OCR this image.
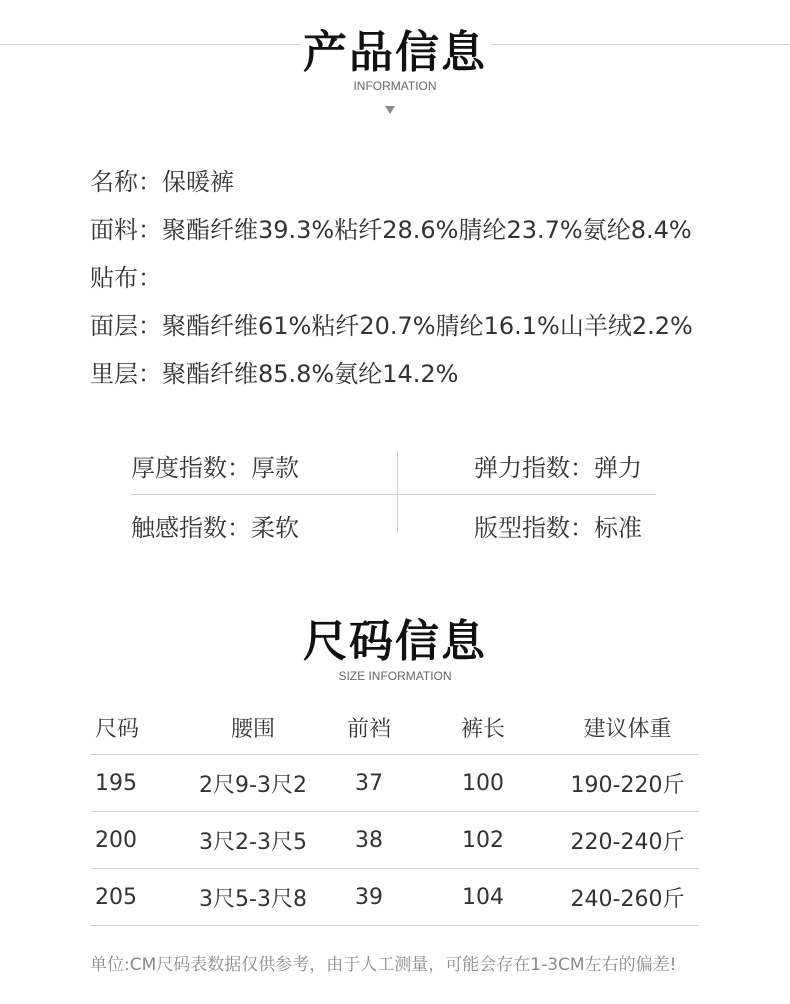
产品信息
INFORMATION
名称：保暖裤
面料：聚酯纤维39.3%粘纤28.6%腈纶23.7%氨纶8.4%
贴布：
面层：聚酯纤维61%粘纤20.7%腈纶16.1%山羊绒2.2%
里层：聚酯纤维85.8%氨纶14.2%
厚度指数：厚款	弹力指数：弹力
触感指数：柔软	版型指数：标准
尺码信息
SIZE INFORMATION
尺码	腰围	前裆	裤长	建议体重
195	2尺9-3尺2	37	100	190-220斤
200	3尺2-3尺5	38	102	220-240斤
205	3尺5-3尺8	39	104	240-260斤
单位:CM尺码表数据仅供参考，由于人工测量，可能会存在1-3CM左右的偏差!
